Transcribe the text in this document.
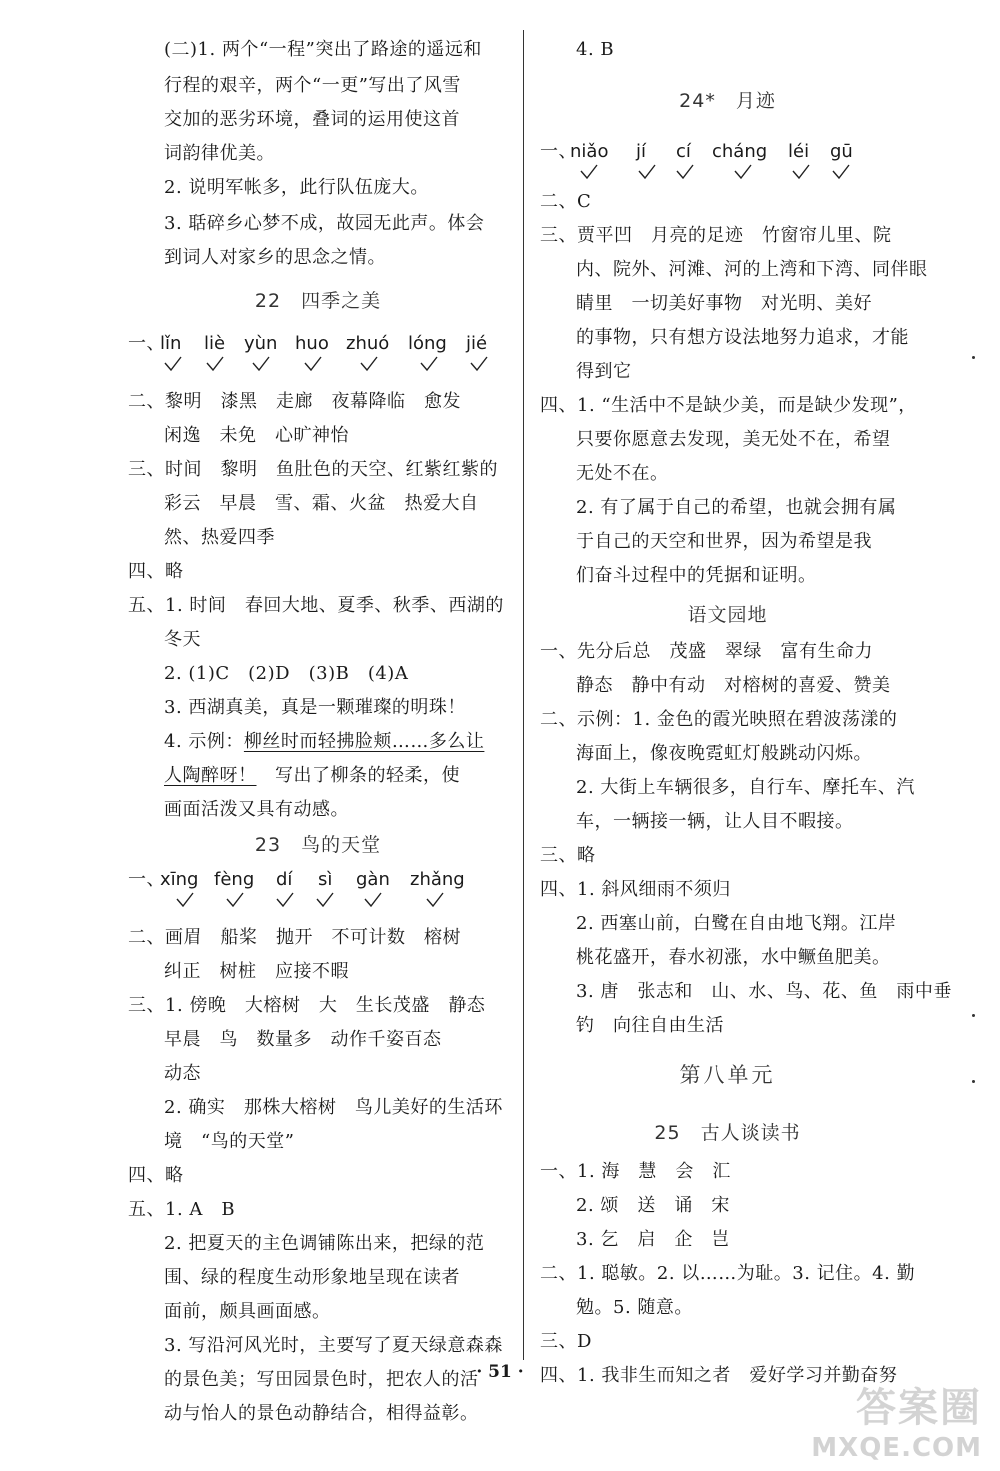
(二)1. 两个“一程”突出了路途的遥远和
行程的艰辛，两个“一更”写出了风雪
交加的恶劣环境，叠词的运用使这首
词韵律优美。
2. 说明军帐多，此行队伍庞大。
3. 聒碎乡心梦不成，故园无此声。体会
到词人对家乡的思念之情。
22　四季之美
一、
lǐn liè yùn huo zhuó lóng jié
二、黎明　漆黑　走廊　夜幕降临　愈发
闲逸　未免　心旷神怡
三、时间　黎明　鱼肚色的天空、红紫红紫的
彩云　早晨　雪、霜、火盆　热爱大自
然、热爱四季
四、略
五、1. 时间　春回大地、夏季、秋季、西湖的
冬天
2. (1)C　(2)D　(3)B　(4)A
3. 西湖真美，真是一颗璀璨的明珠！
4. 示例：柳丝时而轻拂脸颊……多么让
人陶醉呀！　写出了柳条的轻柔，使
画面活泼又具有动感。
23　鸟的天堂
一、
xīng fèng dí sì gàn zhǎng
二、画眉　船桨　抛开　不可计数　榕树
纠正　树桩　应接不暇
三、1. 傍晚　大榕树　大　生长茂盛　静态
早晨　鸟　数量多　动作千姿百态
动态
2. 确实　那株大榕树　鸟儿美好的生活环
境　“鸟的天堂”
四、略
五、1. A　B
2. 把夏天的主色调铺陈出来，把绿的范
围、绿的程度生动形象地呈现在读者
面前，颇具画面感。
3. 写沿河风光时，主要写了夏天绿意森森
的景色美；写田园景色时，把农人的活
动与怡人的景色动静结合，相得益彰。
4. B
24*　月迹
一、
niǎo jí cí cháng léi gū
二、C
三、贾平凹　月亮的足迹　竹窗帘儿里、院
内、院外、河滩、河的上湾和下湾、同伴眼
睛里　一切美好事物　对光明、美好
的事物，只有想方设法地努力追求，才能
得到它
四、1. “生活中不是缺少美，而是缺少发现”，
只要你愿意去发现，美无处不在，希望
无处不在。
2. 有了属于自己的希望，也就会拥有属
于自己的天空和世界，因为希望是我
们奋斗过程中的凭据和证明。
语文园地
一、先分后总　茂盛　翠绿　富有生命力
静态　静中有动　对榕树的喜爱、赞美
二、示例：1. 金色的霞光映照在碧波荡漾的
海面上，像夜晚霓虹灯般跳动闪烁。
2. 大街上车辆很多，自行车、摩托车、汽
车，一辆接一辆，让人目不暇接。
三、略
四、1. 斜风细雨不须归
2. 西塞山前，白鹭在自由地飞翔。江岸
桃花盛开，春水初涨，水中鳜鱼肥美。
3. 唐　张志和　山、水、鸟、花、鱼　雨中垂
钓　向往自由生活
第八单元
25　古人谈读书
一、1. 海　慧　会　汇
2. 颂　送　诵　宋
3. 乞　启　企　岂
二、1. 聪敏。2. 以……为耻。3. 记住。4. 勤
勉。5. 随意。
三、D
四、1. 我非生而知之者　爱好学习并勤奋努
· 51 ·
答案圈
MXQE.COM
